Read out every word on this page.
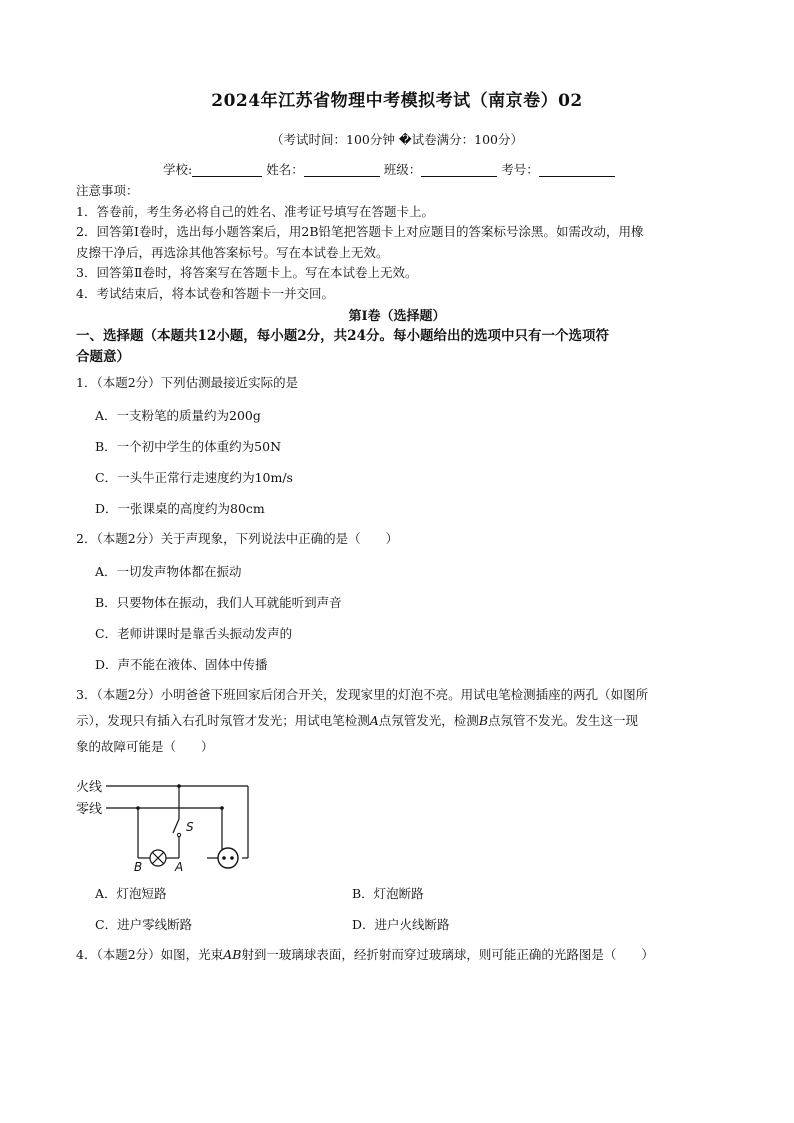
2024年江苏省物理中考模拟考试（南京卷）02
（考试时间：100分钟 �试卷满分：100分）
学校:	姓名：	班级：	考号：

注意事项：

1．答卷前，考生务必将自己的姓名、准考证号填写在答题卡上。

2．回答第Ⅰ卷时，选出每小题答案后，用2B铅笔把答题卡上对应题目的答案标号涂黑。如需改动，用橡

皮擦干净后，再选涂其他答案标号。写在本试卷上无效。

3．回答第Ⅱ卷时，将答案写在答题卡上。写在本试卷上无效。

4．考试结束后，将本试卷和答题卡一并交回。

第Ⅰ卷（选择题）
一、选择题（本题共12小题，每小题2分，共24分。每小题给出的选项中只有一个选项符
合题意）
1．（本题2分）下列估测最接近实际的是
A．一支粉笔的质量约为200g
B．一个初中学生的体重约为50N
C．一头牛正常行走速度约为10m/s
D．一张课桌的高度约为80cm
2．（本题2分）关于声现象，下列说法中正确的是（　　）
A．一切发声物体都在振动
B．只要物体在振动，我们人耳就能听到声音
C．老师讲课时是靠舌头振动发声的
D．声不能在液体、固体中传播
3．（本题2分）小明爸爸下班回家后闭合开关，发现家里的灯泡不亮。用试电笔检测插座的两孔（如图所
示），发现只有插入右孔时氖管才发光；用试电笔检测A点氖管发光，检测B点氖管不发光。发生这一现
象的故障可能是（　　）
火线
零线
S
B	A
A．灯泡短路	B．灯泡断路
C．进户零线断路	D．进户火线断路
4．（本题2分）如图，光束AB射到一玻璃球表面，经折射而穿过玻璃球，则可能正确的光路图是（　　）
